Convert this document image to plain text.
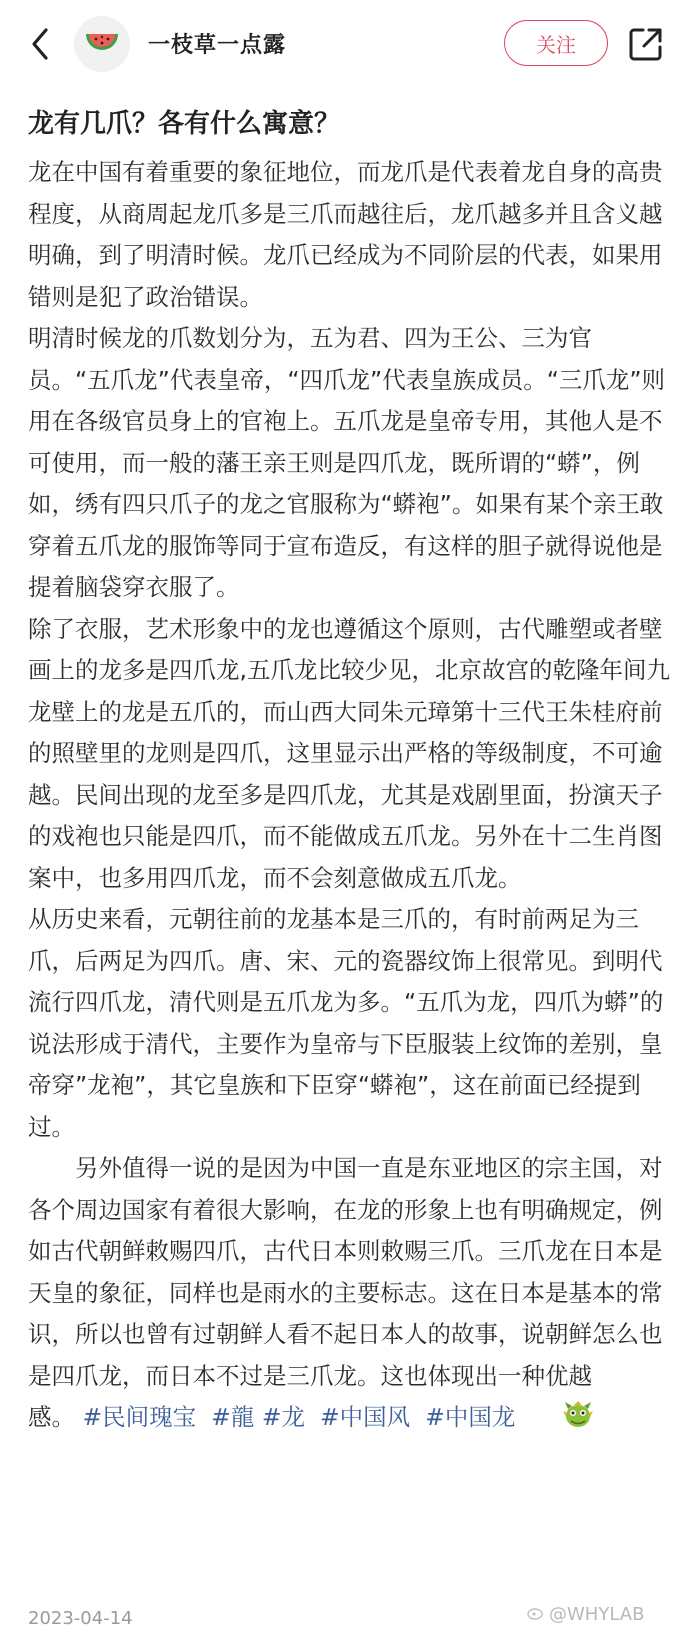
一枝草一点露	关注
龙有几爪？各有什么寓意？

龙在中国有着重要的象征地位，而龙爪是代表着龙自身的高贵程度，从商周起龙爪多是三爪而越往后，龙爪越多并且含义越明确，到了明清时候。龙爪已经成为不同阶层的代表，如果用错则是犯了政治错误。

明清时候龙的爪数划分为，五为君、四为王公、三为官员。“五爪龙”代表皇帝，“四爪龙”代表皇族成员。“三爪龙”则用在各级官员身上的官袍上。五爪龙是皇帝专用，其他人是不可使用，而一般的藩王亲王则是四爪龙，既所谓的“蟒”，例如，绣有四只爪子的龙之官服称为“蟒袍”。如果有某个亲王敢穿着五爪龙的服饰等同于宣布造反，有这样的胆子就得说他是提着脑袋穿衣服了。

除了衣服，艺术形象中的龙也遵循这个原则，古代雕塑或者壁画上的龙多是四爪龙,五爪龙比较少见，北京故宫的乾隆年间九龙壁上的龙是五爪的，而山西大同朱元璋第十三代王朱桂府前的照壁里的龙则是四爪，这里显示出严格的等级制度，不可逾越。民间出现的龙至多是四爪龙，尤其是戏剧里面，扮演天子的戏袍也只能是四爪，而不能做成五爪龙。另外在十二生肖图案中，也多用四爪龙，而不会刻意做成五爪龙。

从历史来看，元朝往前的龙基本是三爪的，有时前两足为三爪，后两足为四爪。唐、宋、元的瓷器纹饰上很常见。到明代流行四爪龙，清代则是五爪龙为多。“五爪为龙，四爪为蟒”的说法形成于清代，主要作为皇帝与下臣服装上纹饰的差别，皇帝穿”龙袍”，其它皇族和下臣穿“蟒袍”，这在前面已经提到过。

另外值得一说的是因为中国一直是东亚地区的宗主国，对各个周边国家有着很大影响，在龙的形象上也有明确规定，例如古代朝鲜敕赐四爪，古代日本则敕赐三爪。三爪龙在日本是天皇的象征，同样也是雨水的主要标志。这在日本是基本的常识，所以也曾有过朝鲜人看不起日本人的故事，说朝鲜怎么也是四爪龙，而日本不过是三爪龙。这也体现出一种优越感。 #民间瑰宝 #龍 #龙 #中国风 #中国龙

2023-04-14	@WHYLAB
